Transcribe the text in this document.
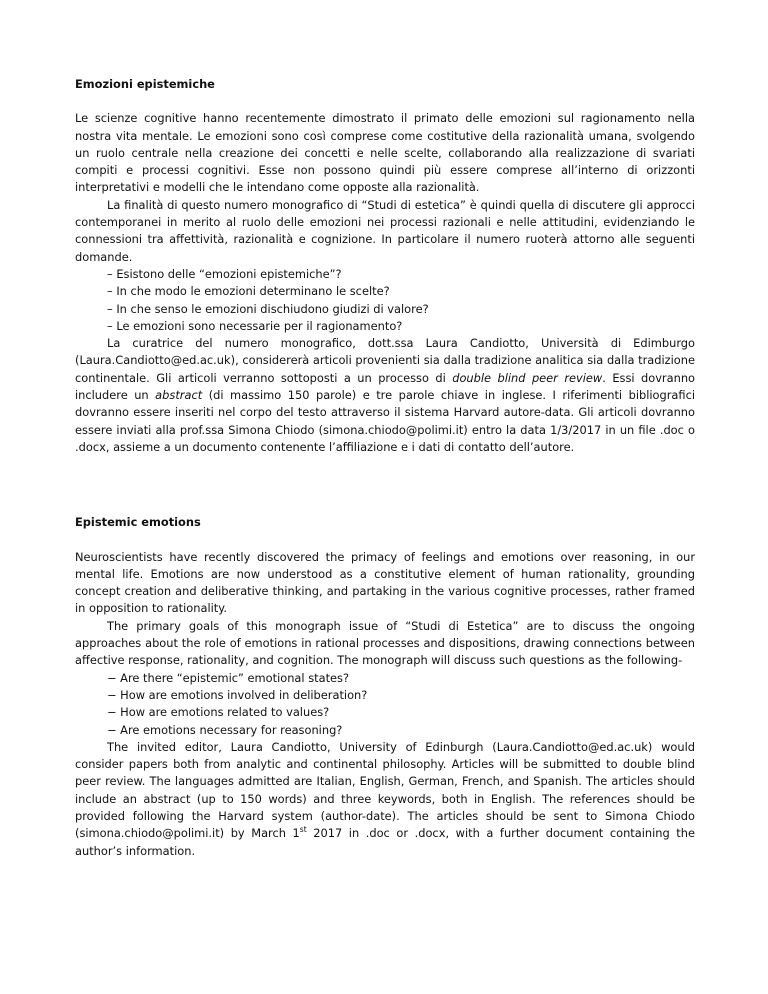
Emozioni epistemiche

Le scienze cognitive hanno recentemente dimostrato il primato delle emozioni sul ragionamento nella nostra vita mentale. Le emozioni sono così comprese come costitutive della razionalità umana, svolgendo un ruolo centrale nella creazione dei concetti e nelle scelte, collaborando alla realizzazione di svariati compiti e processi cognitivi. Esse non possono quindi più essere comprese all’interno di orizzonti interpretativi e modelli che le intendano come opposte alla razionalità.

La finalità di questo numero monografico di “Studi di estetica” è quindi quella di discutere gli approcci contemporanei in merito al ruolo delle emozioni nei processi razionali e nelle attitudini, evidenziando le connessioni tra affettività, razionalità e cognizione. In particolare il numero ruoterà attorno alle seguenti domande.

– Esistono delle “emozioni epistemiche”?
– In che modo le emozioni determinano le scelte?
– In che senso le emozioni dischiudono giudizi di valore?
– Le emozioni sono necessarie per il ragionamento?

La curatrice del numero monografico, dott.ssa Laura Candiotto, Università di Edimburgo (Laura.Candiotto@ed.ac.uk), considererà articoli provenienti sia dalla tradizione analitica sia dalla tradizione continentale. Gli articoli verranno sottoposti a un processo di double blind peer review. Essi dovranno includere un abstract (di massimo 150 parole) e tre parole chiave in inglese. I riferimenti bibliografici dovranno essere inseriti nel corpo del testo attraverso il sistema Harvard autore-data. Gli articoli dovranno essere inviati alla prof.ssa Simona Chiodo (simona.chiodo@polimi.it) entro la data 1/3/2017 in un file .doc o .docx, assieme a un documento contenente l’affiliazione e i dati di contatto dell’autore.

Epistemic emotions

Neuroscientists have recently discovered the primacy of feelings and emotions over reasoning, in our mental life. Emotions are now understood as a constitutive element of human rationality, grounding concept creation and deliberative thinking, and partaking in the various cognitive processes, rather framed in opposition to rationality.

The primary goals of this monograph issue of “Studi di Estetica” are to discuss the ongoing approaches about the role of emotions in rational processes and dispositions, drawing connections between affective response, rationality, and cognition. The monograph will discuss such questions as the following-

− Are there “epistemic” emotional states?
− How are emotions involved in deliberation?
− How are emotions related to values?
− Are emotions necessary for reasoning?

The invited editor, Laura Candiotto, University of Edinburgh (Laura.Candiotto@ed.ac.uk) would consider papers both from analytic and continental philosophy. Articles will be submitted to double blind peer review. The languages admitted are Italian, English, German, French, and Spanish. The articles should include an abstract (up to 150 words) and three keywords, both in English. The references should be provided following the Harvard system (author-date). The articles should be sent to Simona Chiodo (simona.chiodo@polimi.it) by March 1st 2017 in .doc or .docx, with a further document containing the author’s information.
